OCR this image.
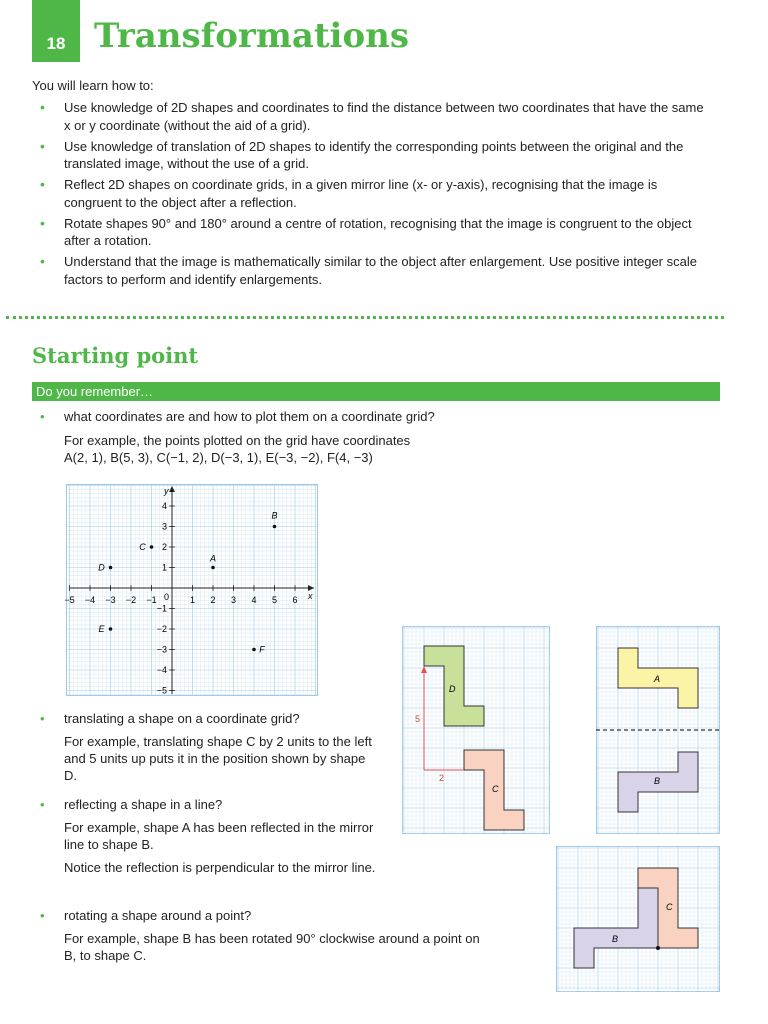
18 Transformations
You will learn how to:
• Use knowledge of 2D shapes and coordinates to find the distance between two coordinates that have the same x or y coordinate (without the aid of a grid).
• Use knowledge of translation of 2D shapes to identify the corresponding points between the original and the translated image, without the use of a grid.
• Reflect 2D shapes on coordinate grids, in a given mirror line (x- or y-axis), recognising that the image is congruent to the object after a reflection.
• Rotate shapes 90° and 180° around a centre of rotation, recognising that the image is congruent to the object after a rotation.
• Understand that the image is mathematically similar to the object after enlargement. Use positive integer scale factors to perform and identify enlargements.
Starting point
Do you remember…
• what coordinates are and how to plot them on a coordinate grid?

For example, the points plotted on the grid have coordinates
A(2, 1), B(5, 3), C(−1, 2), D(−3, 1), E(−3, −2), F(4, −3)

• translating a shape on a coordinate grid?

For example, translating shape C by 2 units to the left and 5 units up puts it in the position shown by shape D.

• reflecting a shape in a line?

For example, shape A has been reflected in the mirror line to shape B.

Notice the reflection is perpendicular to the mirror line.

• rotating a shape around a point?

For example, shape B has been rotated 90° clockwise around a point on B, to shape C.

x
y
0
−5 −4 −3 −2 −1	1 2 3 4 5 6
4
3
2
1
−1
−2
−3
−4
−5
A
B
C
D
E
F
D
C
5
2
A
B
B
C
